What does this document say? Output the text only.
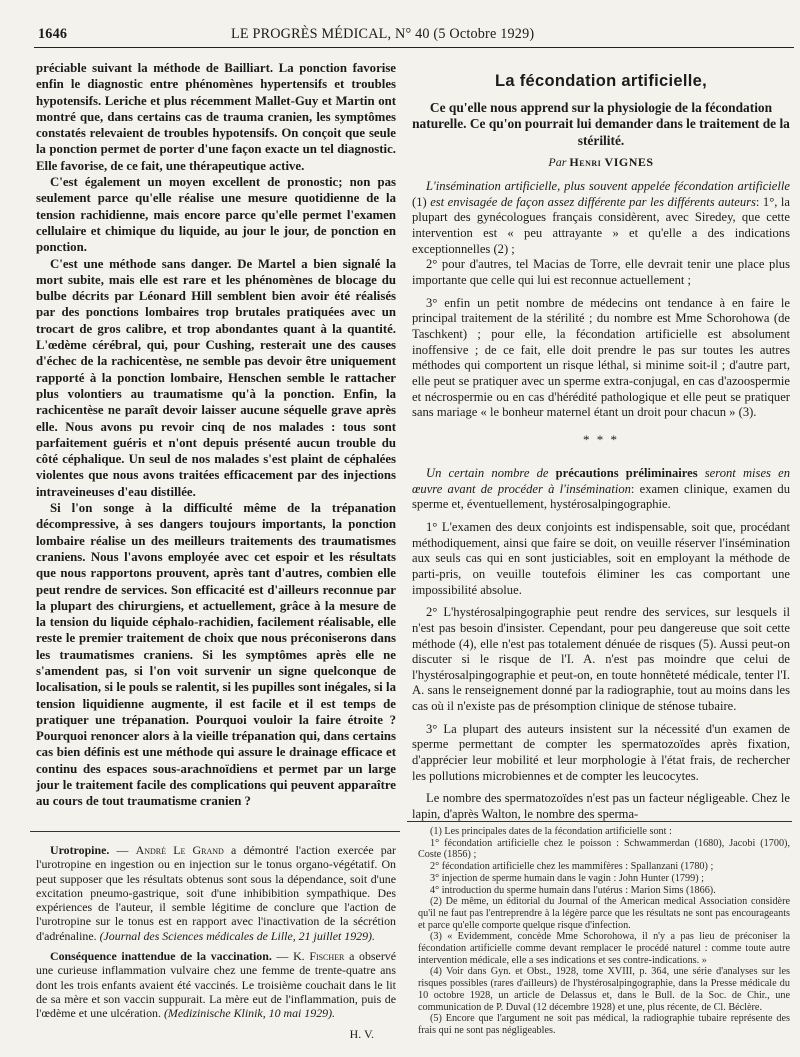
1646	LE PROGRÈS MÉDICAL, N° 40 (5 Octobre 1929)

préciable suivant la méthode de Bailliart. La ponction favorise enfin le diagnostic entre phénomènes hypertensifs et troubles hypotensifs. Leriche et plus récemment Mallet-Guy et Martin ont montré que, dans certains cas de trauma cranien, les symptômes constatés relevaient de troubles hypotensifs. On conçoit que seule la ponction permet de porter d'une façon exacte un tel diagnostic. Elle favorise, de ce fait, une thérapeutique active.

C'est également un moyen excellent de pronostic; non pas seulement parce qu'elle réalise une mesure quotidienne de la tension rachidienne, mais encore parce qu'elle permet l'examen cellulaire et chimique du liquide, au jour le jour, de ponction en ponction.

C'est une méthode sans danger. De Martel a bien signalé la mort subite, mais elle est rare et les phénomènes de blocage du bulbe décrits par Léonard Hill semblent bien avoir été réalisés par des ponctions lombaires trop brutales pratiquées avec un trocart de gros calibre, et trop abondantes quant à la quantité. L'œdème cérébral, qui, pour Cushing, resterait une des causes d'échec de la rachicentèse, ne semble pas devoir être uniquement rapporté à la ponction lombaire, Henschen semble le rattacher plus volontiers au traumatisme qu'à la ponction. Enfin, la rachicentèse ne paraît devoir laisser aucune séquelle grave après elle. Nous avons pu revoir cinq de nos malades : tous sont parfaitement guéris et n'ont depuis présenté aucun trouble du côté céphalique. Un seul de nos malades s'est plaint de céphalées violentes que nous avons traitées efficacement par des injections intraveineuses d'eau distillée.

Si l'on songe à la difficulté même de la trépanation décompressive, à ses dangers toujours importants, la ponction lombaire réalise un des meilleurs traitements des traumatismes craniens. Nous l'avons employée avec cet espoir et les résultats que nous rapportons prouvent, après tant d'autres, combien elle peut rendre de services. Son efficacité est d'ailleurs reconnue par la plupart des chirurgiens, et actuellement, grâce à la mesure de la tension du liquide céphalo-rachidien, facilement réalisable, elle reste le premier traitement de choix que nous préconiserons dans les traumatismes craniens. Si les symptômes après elle ne s'amendent pas, si l'on voit survenir un signe quelconque de localisation, si le pouls se ralentit, si les pupilles sont inégales, si la tension liquidienne augmente, il est facile et il est temps de pratiquer une trépanation. Pourquoi vouloir la faire étroite ? Pourquoi renoncer alors à la vieille trépanation qui, dans certains cas bien définis est une méthode qui assure le drainage efficace et continu des espaces sous-arachnoïdiens et permet par un large jour le traitement facile des complications qui peuvent apparaître au cours de tout traumatisme cranien ?

Urotropine. — André Le Grand a démontré l'action exercée par l'urotropine en ingestion ou en injection sur le tonus organo-végétatif. On peut supposer que les résultats obtenus sont sous la dépendance, soit d'une excitation pneumo-gastrique, soit d'une inhibibition sympathique. Des expériences de l'auteur, il semble légitime de conclure que l'action de l'urotropine sur le tonus est en rapport avec l'inactivation de la sécrétion d'adrénaline. (Journal des Sciences médicales de Lille, 21 juillet 1929).

Conséquence inattendue de la vaccination. — K. Fischer a observé une curieuse inflammation vulvaire chez une femme de trente-quatre ans dont les trois enfants avaient été vaccinés. Le troisième couchait dans le lit de sa mère et son vaccin suppurait. La mère eut de l'inflammation, puis de l'œdème et une ulcération. (Medizinische Klinik, 10 mai 1929).

H. V.

La fécondation artificielle,
Ce qu'elle nous apprend sur la physiologie de la fécondation naturelle. Ce qu'on pourrait lui demander dans le traitement de la stérilité.
Par Henri VIGNES

L'insémination artificielle, plus souvent appelée fécondation artificielle (1) est envisagée de façon assez différente par les différents auteurs: 1°, la plupart des gynécologues français considèrent, avec Siredey, que cette intervention est « peu attrayante » et qu'elle a des indications exceptionnelles (2) ;

2° pour d'autres, tel Macias de Torre, elle devrait tenir une place plus importante que celle qui lui est reconnue actuellement ;

3° enfin un petit nombre de médecins ont tendance à en faire le principal traitement de la stérilité ; du nombre est Mme Schorohowa (de Taschkent) ; pour elle, la fécondation artificielle est absolument inoffensive ; de ce fait, elle doit prendre le pas sur toutes les autres méthodes qui comportent un risque léthal, si minime soit-il ; d'autre part, elle peut se pratiquer avec un sperme extra-conjugal, en cas d'azoospermie et nécrospermie ou en cas d'hérédité pathologique et elle peut se pratiquer sans mariage « le bonheur maternel étant un droit pour chacun » (3).

* * *

Un certain nombre de précautions préliminaires seront mises en œuvre avant de procéder à l'insémination: examen clinique, examen du sperme et, éventuellement, hystérosalpingographie.

1° L'examen des deux conjoints est indispensable, soit que, procédant méthodiquement, ainsi que faire se doit, on veuille réserver l'insémination aux seuls cas qui en sont justiciables, soit en employant la méthode de parti-pris, on veuille toutefois éliminer les cas comportant une impossibilité absolue.

2° L'hystérosalpingographie peut rendre des services, sur lesquels il n'est pas besoin d'insister. Cependant, pour peu dangereuse que soit cette méthode (4), elle n'est pas totalement dénuée de risques (5). Aussi peut-on discuter si le risque de l'I. A. n'est pas moindre que celui de l'hystérosalpingographie et peut-on, en toute honnêteté médicale, tenter l'I. A. sans le renseignement donné par la radiographie, tout au moins dans les cas où il n'existe pas de présomption clinique de sténose tubaire.

3° La plupart des auteurs insistent sur la nécessité d'un examen de sperme permettant de compter les spermatozoïdes après fixation, d'apprécier leur mobilité et leur morphologie à l'état frais, de rechercher les pollutions microbiennes et de compter les leucocytes.

Le nombre des spermatozoïdes n'est pas un facteur négligeable. Chez le lapin, d'après Walton, le nombre des sperma-

(1) Les principales dates de la fécondation artificielle sont :

1° fécondation artificielle chez le poisson : Schwammerdan (1680), Jacobi (1700), Coste (1856) ;

2° fécondation artificielle chez les mammifères : Spallanzani (1780) ;

3° injection de sperme humain dans le vagin : John Hunter (1799) ;

4° introduction du sperme humain dans l'utérus : Marion Sims (1866).

(2) De même, un éditorial du Journal of the American medical Association considère qu'il ne faut pas l'entreprendre à la légère parce que les résultats ne sont pas encourageants et parce qu'elle comporte quelque risque d'infection.

(3) « Evidemment, concède Mme Schorohowa, il n'y a pas lieu de préconiser la fécondation artificielle comme devant remplacer le procédé naturel : comme toute autre intervention médicale, elle a ses indications et ses contre-indications. »

(4) Voir dans Gyn. et Obst., 1928, tome XVIII, p. 364, une série d'analyses sur les risques possibles (rares d'ailleurs) de l'hystérosalpingographie, dans la Presse médicale du 10 octobre 1928, un article de Delassus et, dans le Bull. de la Soc. de Chir., une communication de P. Duval (12 décembre 1928) et une, plus récente, de Cl. Béclère.

(5) Encore que l'argument ne soit pas médical, la radiographie tubaire représente des frais qui ne sont pas négligeables.
